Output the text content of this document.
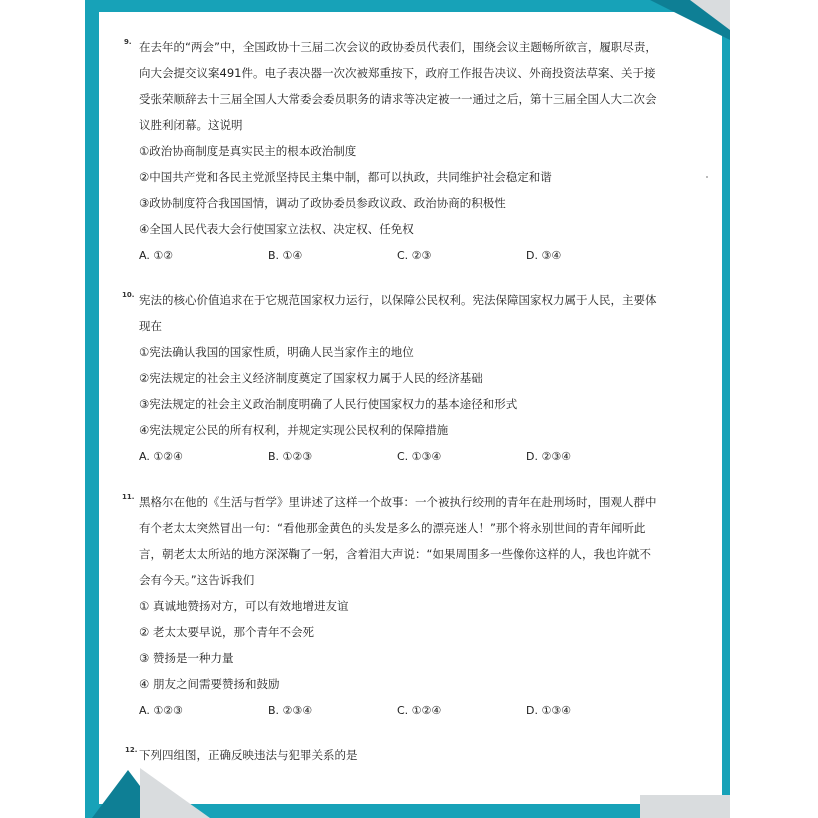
9. 在去年的“两会”中，全国政协十三届二次会议的政协委员代表们，围绕会议主题畅所欲言，履职尽责，
向大会提交议案491件。电子表决器一次次被郑重按下，政府工作报告决议、外商投资法草案、关于接
受张荣顺辞去十三届全国人大常委会委员职务的请求等决定被一一通过之后，第十三届全国人大二次会
议胜利闭幕。这说明
①政治协商制度是真实民主的根本政治制度
②中国共产党和各民主党派坚持民主集中制，都可以执政，共同维护社会稳定和谐
③政协制度符合我国国情，调动了政协委员参政议政、政治协商的积极性
④全国人民代表大会行使国家立法权、决定权、任免权
A. ①②	B. ①④	C. ②③	D. ③④
10. 宪法的核心价值追求在于它规范国家权力运行，以保障公民权利。宪法保障国家权力属于人民，主要体
现在
①宪法确认我国的国家性质，明确人民当家作主的地位
②宪法规定的社会主义经济制度奠定了国家权力属于人民的经济基础
③宪法规定的社会主义政治制度明确了人民行使国家权力的基本途径和形式
④宪法规定公民的所有权利，并规定实现公民权利的保障措施
A. ①②④	B. ①②③	C. ①③④	D. ②③④
11. 黑格尔在他的《生活与哲学》里讲述了这样一个故事：一个被执行绞刑的青年在赴刑场时，围观人群中
有个老太太突然冒出一句：“看他那金黄色的头发是多么的漂亮迷人！”那个将永别世间的青年闻听此
言，朝老太太所站的地方深深鞠了一躬，含着泪大声说：“如果周围多一些像你这样的人，我也许就不
会有今天。”这告诉我们
① 真诚地赞扬对方，可以有效地增进友谊
② 老太太要早说，那个青年不会死
③ 赞扬是一种力量
④ 朋友之间需要赞扬和鼓励
A. ①②③	B. ②③④	C. ①②④	D. ①③④
12. 下列四组图，正确反映违法与犯罪关系的是
